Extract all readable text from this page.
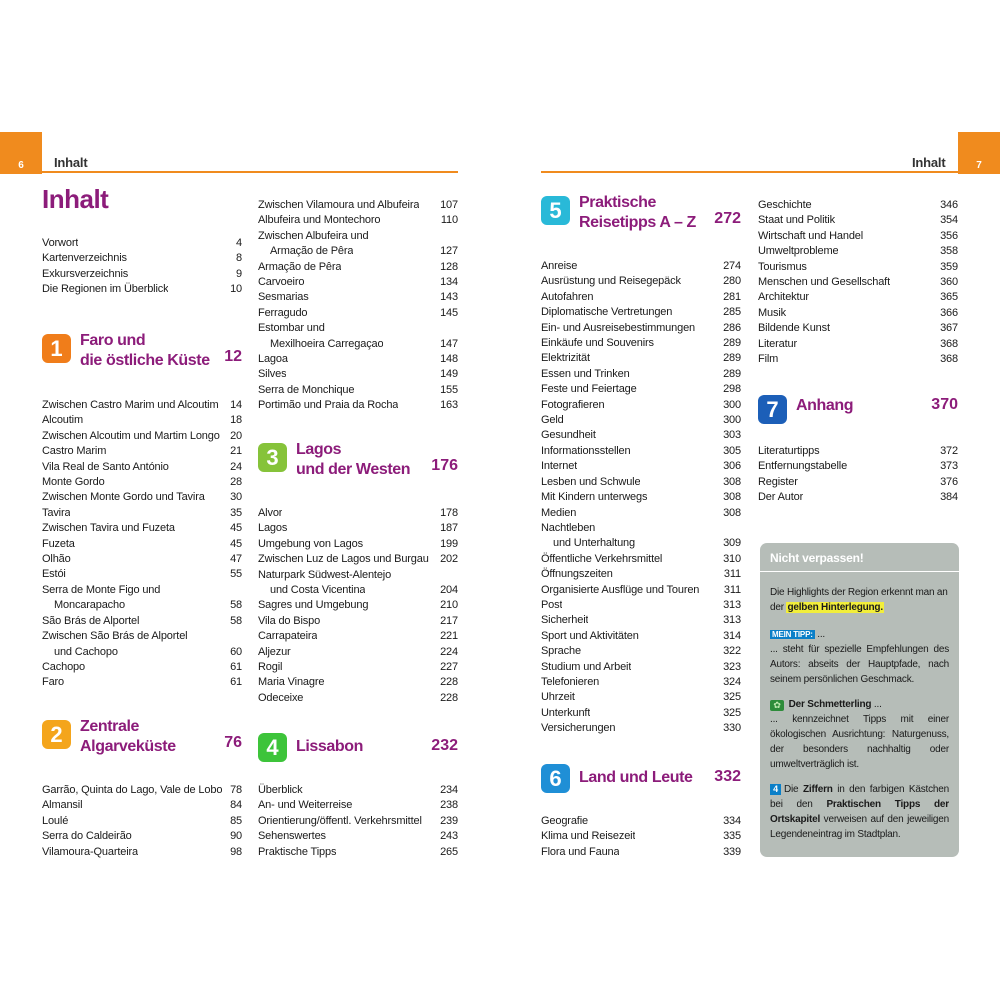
6 Inhalt	7
Inhalt
Inhalt
Vorwort	4
Kartenverzeichnis	8
Exkursverzeichnis	9
Die Regionen im Überblick	10
1	Faro und
die östliche Küste 12
Zwischen Castro Marim und Alcoutim	14
Alcoutim	18
Zwischen Alcoutim und Martim Longo 20
Castro Marim	21
Vila Real de Santo António	24
Monte Gordo	28
Zwischen Monte Gordo und Tavira	30
Tavira	35
Zwischen Tavira und Fuzeta	45
Fuzeta	45
Olhão	47
Estói	55
Serra de Monte Figo und
Moncarapacho	58
São Brás de Alportel	58
Zwischen São Brás de Alportel
und Cachopo	60
Cachopo	61
Faro	61
2	Zentrale
Algarveküste	76
Garrão, Quinta do Lago, Vale de Lobo 78
Almansil	84
Loulé	85
Serra do Caldeirão	90
Vilamoura-Quarteira	98
Zwischen Vilamoura und Albufeira	107
Albufeira und Montechoro	110
Zwischen Albufeira und
Armação de Pêra	127
Armação de Pêra	128
Carvoeiro	134
Sesmarias	143
Ferragudo	145
Estombar und
Mexilhoeira Carregaçao	147
Lagoa	148
Silves	149
Serra de Monchique	155
Portimão und Praia da Rocha	163
3	Lagos
und der Westen 176
Alvor	178
Lagos	187
Umgebung von Lagos	199
Zwischen Luz de Lagos und Burgau	202
Naturpark Südwest-Alentejo
und Costa Vicentina	204
Sagres und Umgebung	210
Vila do Bispo	217
Carrapateira	221
Aljezur	224
Rogil	227
Maria Vinagre	228
Odeceixe	228
4	Lissabon	232
Überblick	234
An- und Weiterreise	238
Orientierung/öffentl. Verkehrsmittel	239
Sehenswertes	243
Praktische Tipps	265
5	Praktische
Reisetipps A – Z 272
Anreise	274
Ausrüstung und Reisegepäck	280
Autofahren	281
Diplomatische Vertretungen	285
Ein- und Ausreisebestimmungen	286
Einkäufe und Souvenirs	289
Elektrizität	289
Essen und Trinken	289
Feste und Feiertage	298
Fotografieren	300
Geld	300
Gesundheit	303
Informationsstellen	305
Internet	306
Lesben und Schwule	308
Mit Kindern unterwegs	308
Medien	308
Nachtleben
und Unterhaltung	309
Öffentliche Verkehrsmittel	310
Öffnungszeiten	311
Organisierte Ausflüge und Touren	311
Post	313
Sicherheit	313
Sport und Aktivitäten	314
Sprache	322
Studium und Arbeit	323
Telefonieren	324
Uhrzeit	325
Unterkunft	325
Versicherungen	330
6	Land und Leute 332
Geografie	334
Klima und Reisezeit	335
Flora und Fauna	339
Geschichte	346
Staat und Politik	354
Wirtschaft und Handel	356
Umweltprobleme	358
Tourismus	359
Menschen und Gesellschaft	360
Architektur	365
Musik	366
Bildende Kunst	367
Literatur	368
Film	368
7	Anhang	370
Literaturtipps	372
Entfernungstabelle	373
Register	376
Der Autor	384
Nicht verpassen!

Die Highlights der Region erkennt man an der gelben Hinterlegung.

MEIN TIPP: ...

... steht für spezielle Empfehlungen des Autors: abseits der Hauptpfade, nach seinem persönlichen Geschmack.

✿ Der Schmetterling ...

... kennzeichnet Tipps mit einer ökologischen Ausrichtung: Naturgenuss, der besonders nachhaltig oder umweltverträglich ist.

4 Die Ziffern in den farbigen Kästchen bei den Praktischen Tipps der Ortskapitel verweisen auf den jeweiligen Legendeneintrag im Stadtplan.
